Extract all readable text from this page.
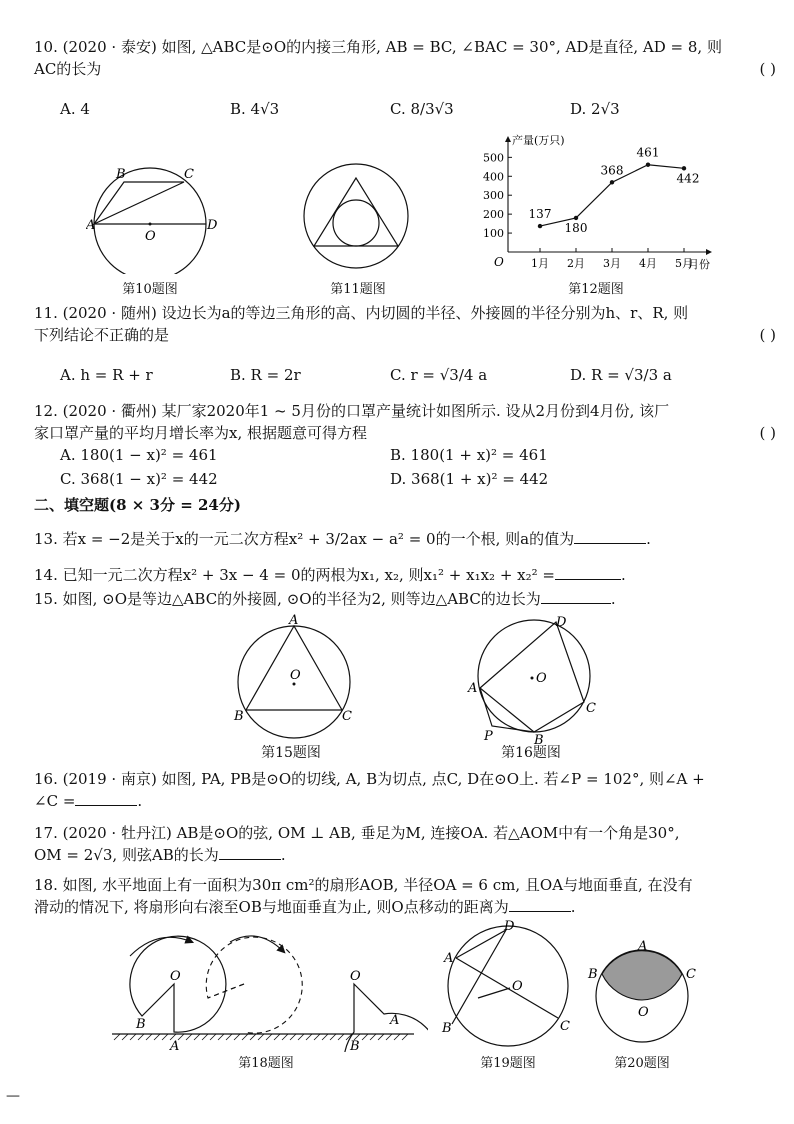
10. (2020 · 泰安) 如图, △ABC是⊙O的内接三角形, AB = BC, ∠BAC = 30°, AD是直径, AD = 8, 则
AC的长为	( )
A. 4	B. 4√3	C. 8/3√3	D. 2√3
A
B	C
D
O
第10题图	第11题图
产量(万只)
月份
O
100
200
300
400
500
1月 2月 3月 4月 5月
137
180
368
461
442
第12题图
11. (2020 · 随州) 设边长为a的等边三角形的高、内切圆的半径、外接圆的半径分别为h、r、R, 则
下列结论不正确的是	( )
A. h = R + r	B. R = 2r	C. r = √3/4 a	D. R = √3/3 a
12. (2020 · 衢州) 某厂家2020年1 ~ 5月份的口罩产量统计如图所示. 设从2月份到4月份, 该厂
家口罩产量的平均月增长率为x, 根据题意可得方程	( )
A. 180(1 − x)² = 461	B. 180(1 + x)² = 461
C. 368(1 − x)² = 442	D. 368(1 + x)² = 442
二、填空题(8 × 3分 = 24分)
13. 若x = −2是关于x的一元二次方程x² + 3/2ax − a² = 0的一个根, 则a的值为	.
14. 已知一元二次方程x² + 3x − 4 = 0的两根为x₁, x₂, 则x₁² + x₁x₂ + x₂² =	.
15. 如图, ⊙O是等边△ABC的外接圆, ⊙O的半径为2, 则等边△ABC的边长为	.
A
B	C
O
第15题图
A
B
C
D
P
O
第16题图
16. (2019 · 南京) 如图, PA, PB是⊙O的切线, A, B为切点, 点C, D在⊙O上. 若∠P = 102°, 则∠A +
∠C =	.
17. (2020 · 牡丹江) AB是⊙O的弦, OM ⊥ AB, 垂足为M, 连接OA. 若△AOM中有一个角是30°,
OM = 2√3, 则弦AB的长为	.
18. 如图, 水平地面上有一面积为30π cm²的扇形AOB, 半径OA = 6 cm, 且OA与地面垂直, 在没有
滑动的情况下, 将扇形向右滚至OB与地面垂直为止, 则O点移动的距离为	.
O
B
A
O
B
A
第18题图
A
B	C
D
O
第19题图
A
B	C
O
第20题图
—
